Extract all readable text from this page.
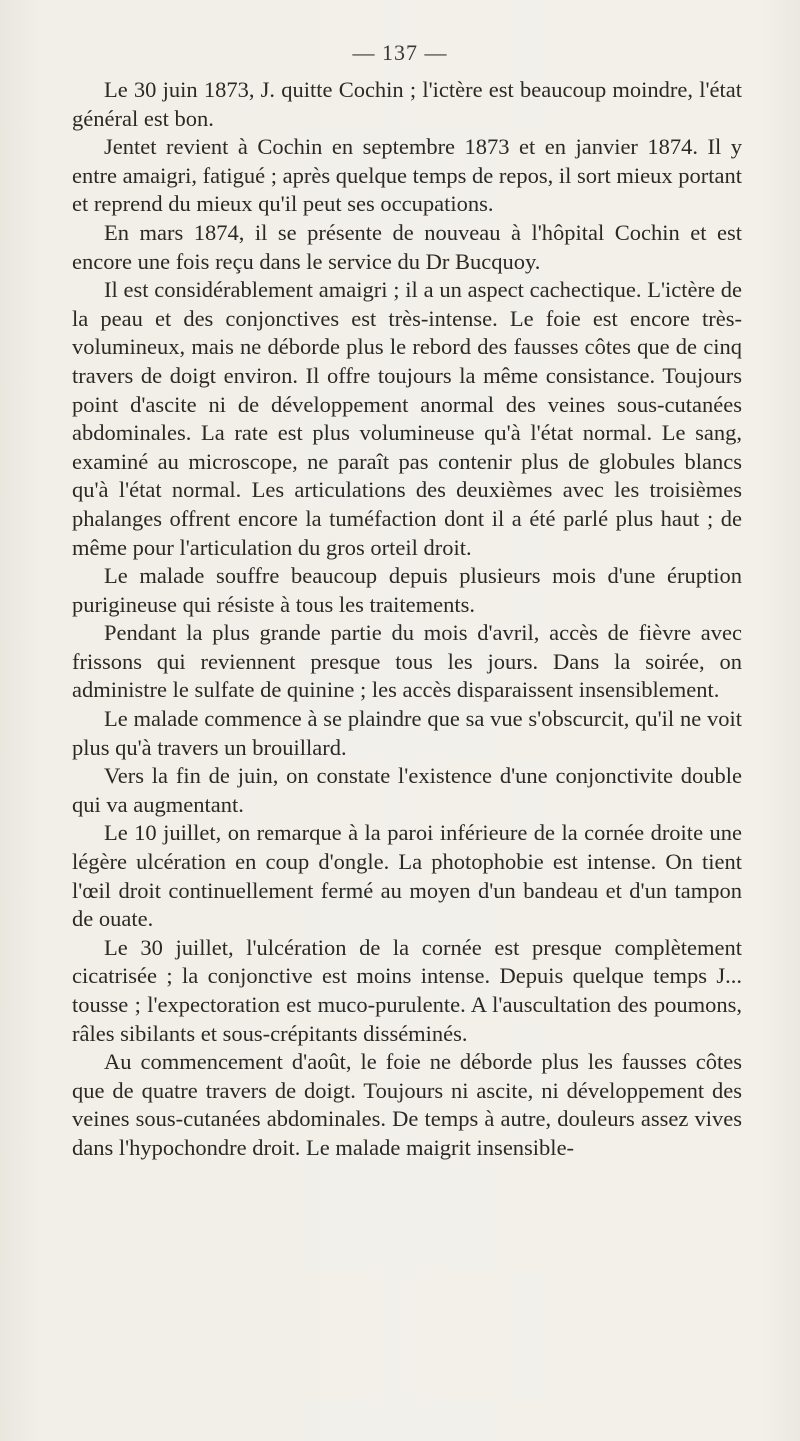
— 137 —

Le 30 juin 1873, J. quitte Cochin ; l'ictère est beaucoup moindre, l'état général est bon.

Jentet revient à Cochin en septembre 1873 et en janvier 1874. Il y entre amaigri, fatigué ; après quelque temps de repos, il sort mieux portant et reprend du mieux qu'il peut ses occupations.

En mars 1874, il se présente de nouveau à l'hôpital Cochin et est encore une fois reçu dans le service du Dr Bucquoy.

Il est considérablement amaigri ; il a un aspect cachectique. L'ictère de la peau et des conjonctives est très-intense. Le foie est encore très-volumineux, mais ne déborde plus le rebord des fausses côtes que de cinq travers de doigt environ. Il offre toujours la même consistance. Toujours point d'ascite ni de développement anormal des veines sous-cutanées abdominales. La rate est plus volumineuse qu'à l'état normal. Le sang, examiné au microscope, ne paraît pas contenir plus de globules blancs qu'à l'état normal. Les articulations des deuxièmes avec les troisièmes phalanges offrent encore la tuméfaction dont il a été parlé plus haut ; de même pour l'articulation du gros orteil droit.

Le malade souffre beaucoup depuis plusieurs mois d'une éruption purigineuse qui résiste à tous les traitements.

Pendant la plus grande partie du mois d'avril, accès de fièvre avec frissons qui reviennent presque tous les jours. Dans la soirée, on administre le sulfate de quinine ; les accès disparaissent insensiblement.

Le malade commence à se plaindre que sa vue s'obscurcit, qu'il ne voit plus qu'à travers un brouillard.

Vers la fin de juin, on constate l'existence d'une conjonctivite double qui va augmentant.

Le 10 juillet, on remarque à la paroi inférieure de la cornée droite une légère ulcération en coup d'ongle. La photophobie est intense. On tient l'œil droit continuellement fermé au moyen d'un bandeau et d'un tampon de ouate.

Le 30 juillet, l'ulcération de la cornée est presque complètement cicatrisée ; la conjonctive est moins intense. Depuis quelque temps J... tousse ; l'expectoration est muco-purulente. A l'auscultation des poumons, râles sibilants et sous-crépitants disséminés.

Au commencement d'août, le foie ne déborde plus les fausses côtes que de quatre travers de doigt. Toujours ni ascite, ni développement des veines sous-cutanées abdominales. De temps à autre, douleurs assez vives dans l'hypochondre droit. Le malade maigrit insensible-
